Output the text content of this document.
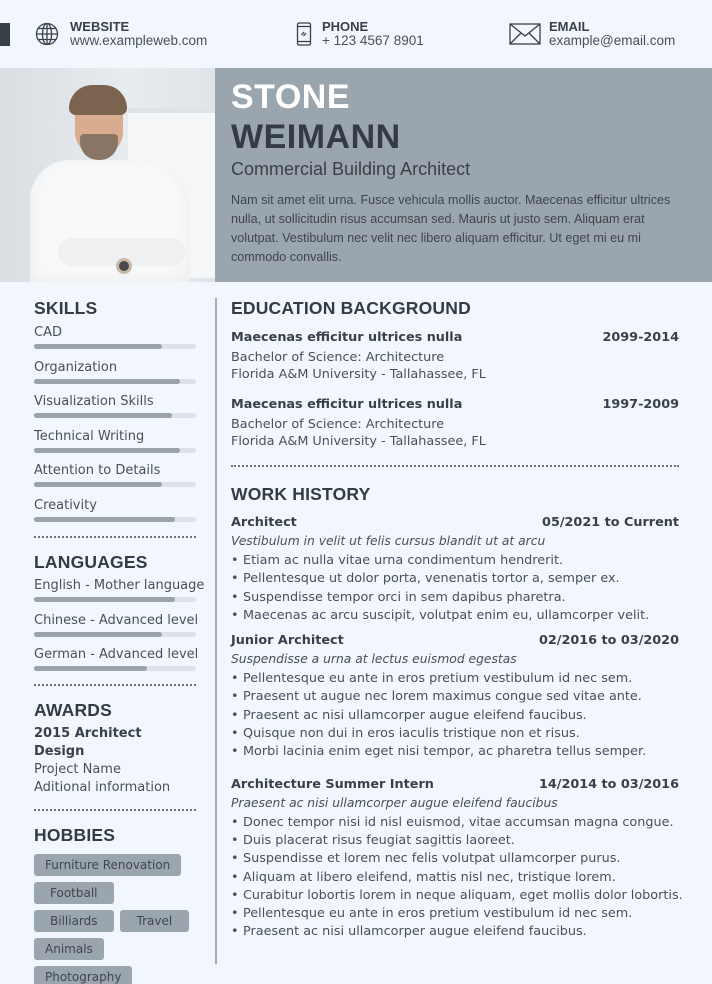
WEBSITE
www.exampleweb.com
PHONE
+ 123 4567 8901
EMAIL
example@email.com
STONE
WEIMANN
Commercial Building Architect
Nam sit amet elit urna. Fusce vehicula mollis auctor. Maecenas efficitur ultrices nulla, ut sollicitudin risus accumsan sed. Mauris ut justo sem. Aliquam erat volutpat. Vestibulum nec velit nec libero aliquam efficitur. Ut eget mi eu mi commodo convallis.
SKILLS
CAD
Organization
Visualization Skills
Technical Writing
Attention to Details
Creativity
LANGUAGES
English - Mother language
Chinese - Advanced level
German - Advanced level
AWARDS
2015 Architect Design
Project Name
Aditional information
HOBBIES
Furniture Renovation
Football
Billiards	Travel
Animals
Photography
EDUCATION BACKGROUND
Maecenas efficitur ultrices nulla	2099-2014
Bachelor of Science: Architecture
Florida A&M University - Tallahassee, FL
Maecenas efficitur ultrices nulla	1997-2009
Bachelor of Science: Architecture
Florida A&M University - Tallahassee, FL
WORK HISTORY
Architect	05/2021 to Current
Vestibulum in velit ut felis cursus blandit ut at arcu
• Etiam ac nulla vitae urna condimentum hendrerit.
• Pellentesque ut dolor porta, venenatis tortor a, semper ex.
• Suspendisse tempor orci in sem dapibus pharetra.
• Maecenas ac arcu suscipit, volutpat enim eu, ullamcorper velit.
Junior Architect	02/2016 to 03/2020
Suspendisse a urna at lectus euismod egestas
• Pellentesque eu ante in eros pretium vestibulum id nec sem.
• Praesent ut augue nec lorem maximus congue sed vitae ante.
• Praesent ac nisi ullamcorper augue eleifend faucibus.
• Quisque non dui in eros iaculis tristique non et risus.
• Morbi lacinia enim eget nisi tempor, ac pharetra tellus semper.
Architecture Summer Intern	14/2014 to 03/2016
Praesent ac nisi ullamcorper augue eleifend faucibus
• Donec tempor nisi id nisl euismod, vitae accumsan magna congue.
• Duis placerat risus feugiat sagittis laoreet.
• Suspendisse et lorem nec felis volutpat ullamcorper purus.
• Aliquam at libero eleifend, mattis nisl nec, tristique lorem.
• Curabitur lobortis lorem in neque aliquam, eget mollis dolor lobortis.
• Pellentesque eu ante in eros pretium vestibulum id nec sem.
• Praesent ac nisi ullamcorper augue eleifend faucibus.
